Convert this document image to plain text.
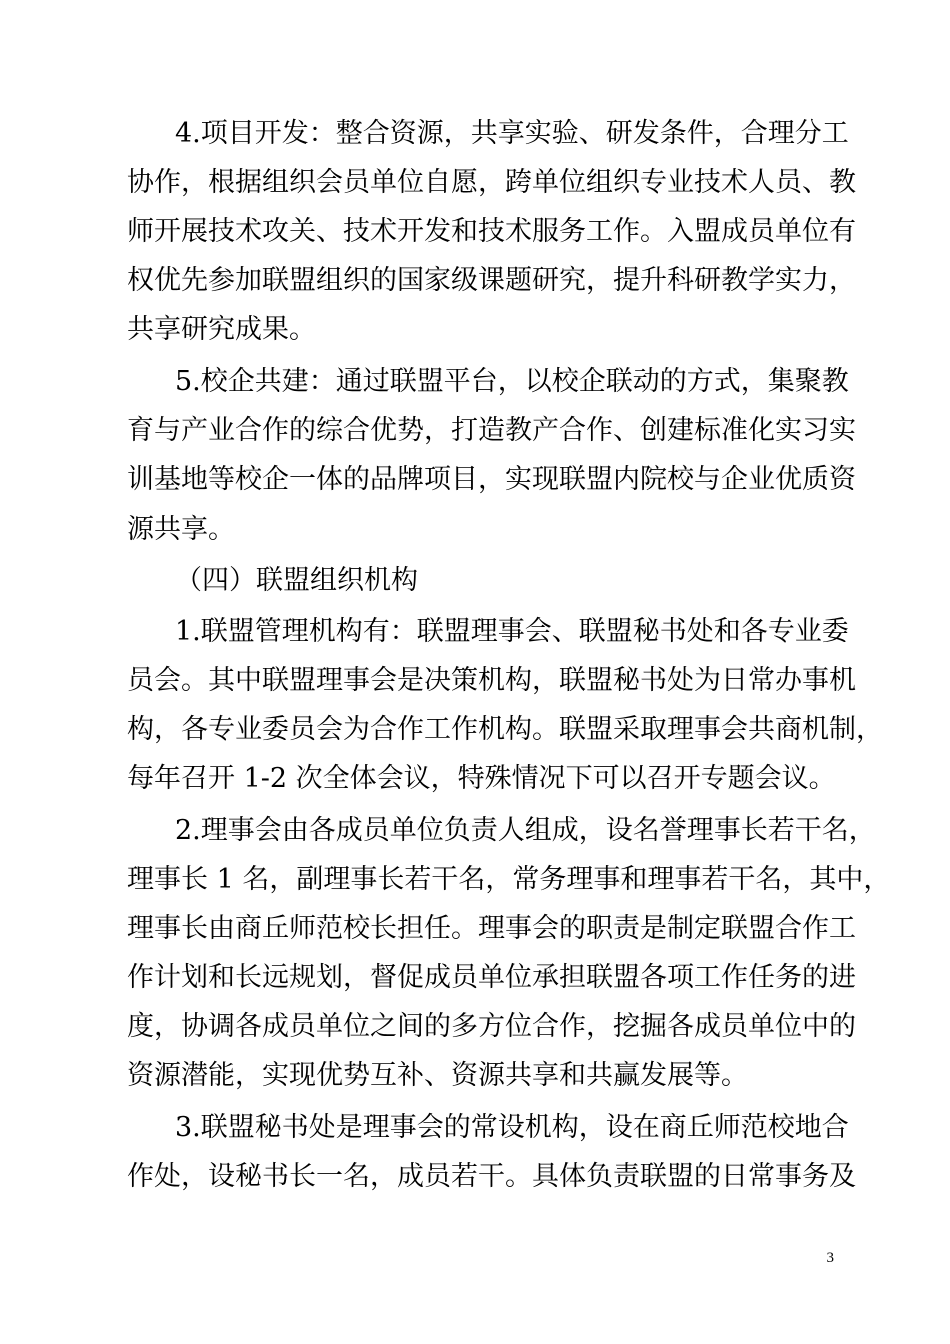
4.项目开发：整合资源，共享实验、研发条件，合理分工
协作，根据组织会员单位自愿，跨单位组织专业技术人员、教
师开展技术攻关、技术开发和技术服务工作。入盟成员单位有
权优先参加联盟组织的国家级课题研究，提升科研教学实力，
共享研究成果。
5.校企共建：通过联盟平台，以校企联动的方式，集聚教
育与产业合作的综合优势，打造教产合作、创建标准化实习实
训基地等校企一体的品牌项目，实现联盟内院校与企业优质资
源共享。
（四）联盟组织机构
1.联盟管理机构有：联盟理事会、联盟秘书处和各专业委
员会。其中联盟理事会是决策机构，联盟秘书处为日常办事机
构，各专业委员会为合作工作机构。联盟采取理事会共商机制，
每年召开 1-2 次全体会议，特殊情况下可以召开专题会议。
2.理事会由各成员单位负责人组成，设名誉理事长若干名，
理事长 1 名，副理事长若干名，常务理事和理事若干名，其中，
理事长由商丘师范校长担任。理事会的职责是制定联盟合作工
作计划和长远规划，督促成员单位承担联盟各项工作任务的进
度，协调各成员单位之间的多方位合作，挖掘各成员单位中的
资源潜能，实现优势互补、资源共享和共赢发展等。
3.联盟秘书处是理事会的常设机构，设在商丘师范校地合
作处，设秘书长一名，成员若干。具体负责联盟的日常事务及
3
